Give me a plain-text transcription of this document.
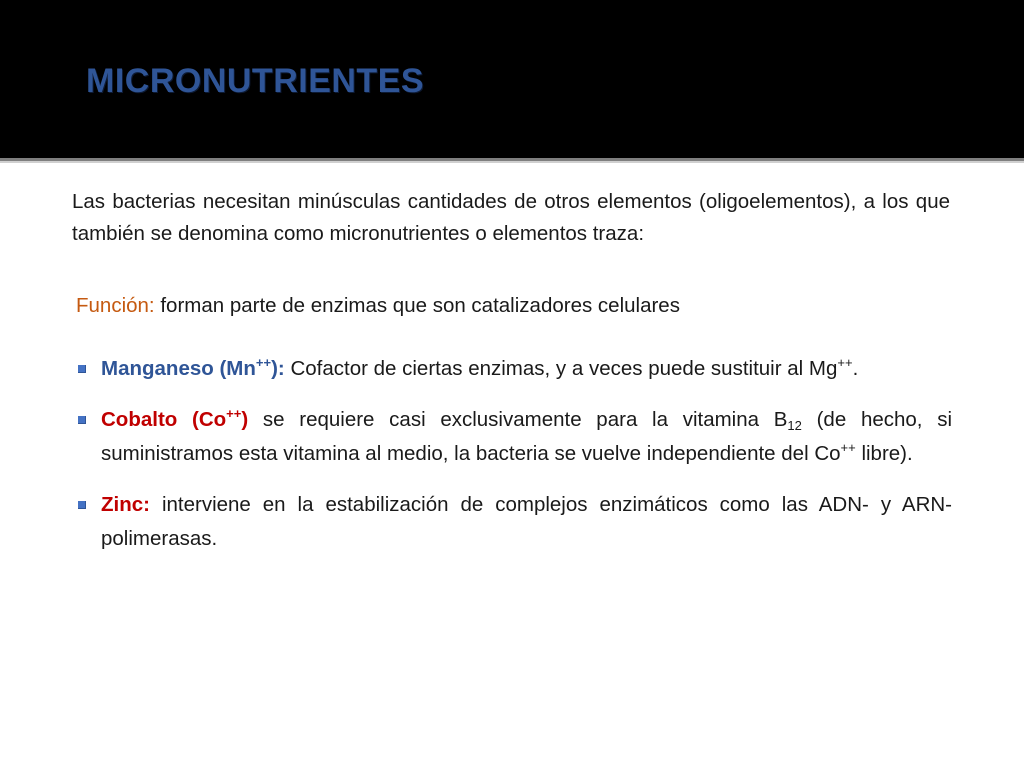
MICRONUTRIENTES

Las bacterias necesitan minúsculas cantidades de otros elementos (oligoelementos), a los que también se denomina como micronutrientes o elementos traza:

Función: forman parte de enzimas que son catalizadores celulares

Manganeso (Mn++): Cofactor de ciertas enzimas, y a veces puede sustituir al Mg++.
Cobalto (Co++) se requiere casi exclusivamente para la vitamina $B_{12}$ (de hecho, si suministramos esta vitamina al medio, la bacteria se vuelve independiente del Co++ libre).
Zinc: interviene en la estabilización de complejos enzimáticos como las ADN- y ARN-polimerasas.
